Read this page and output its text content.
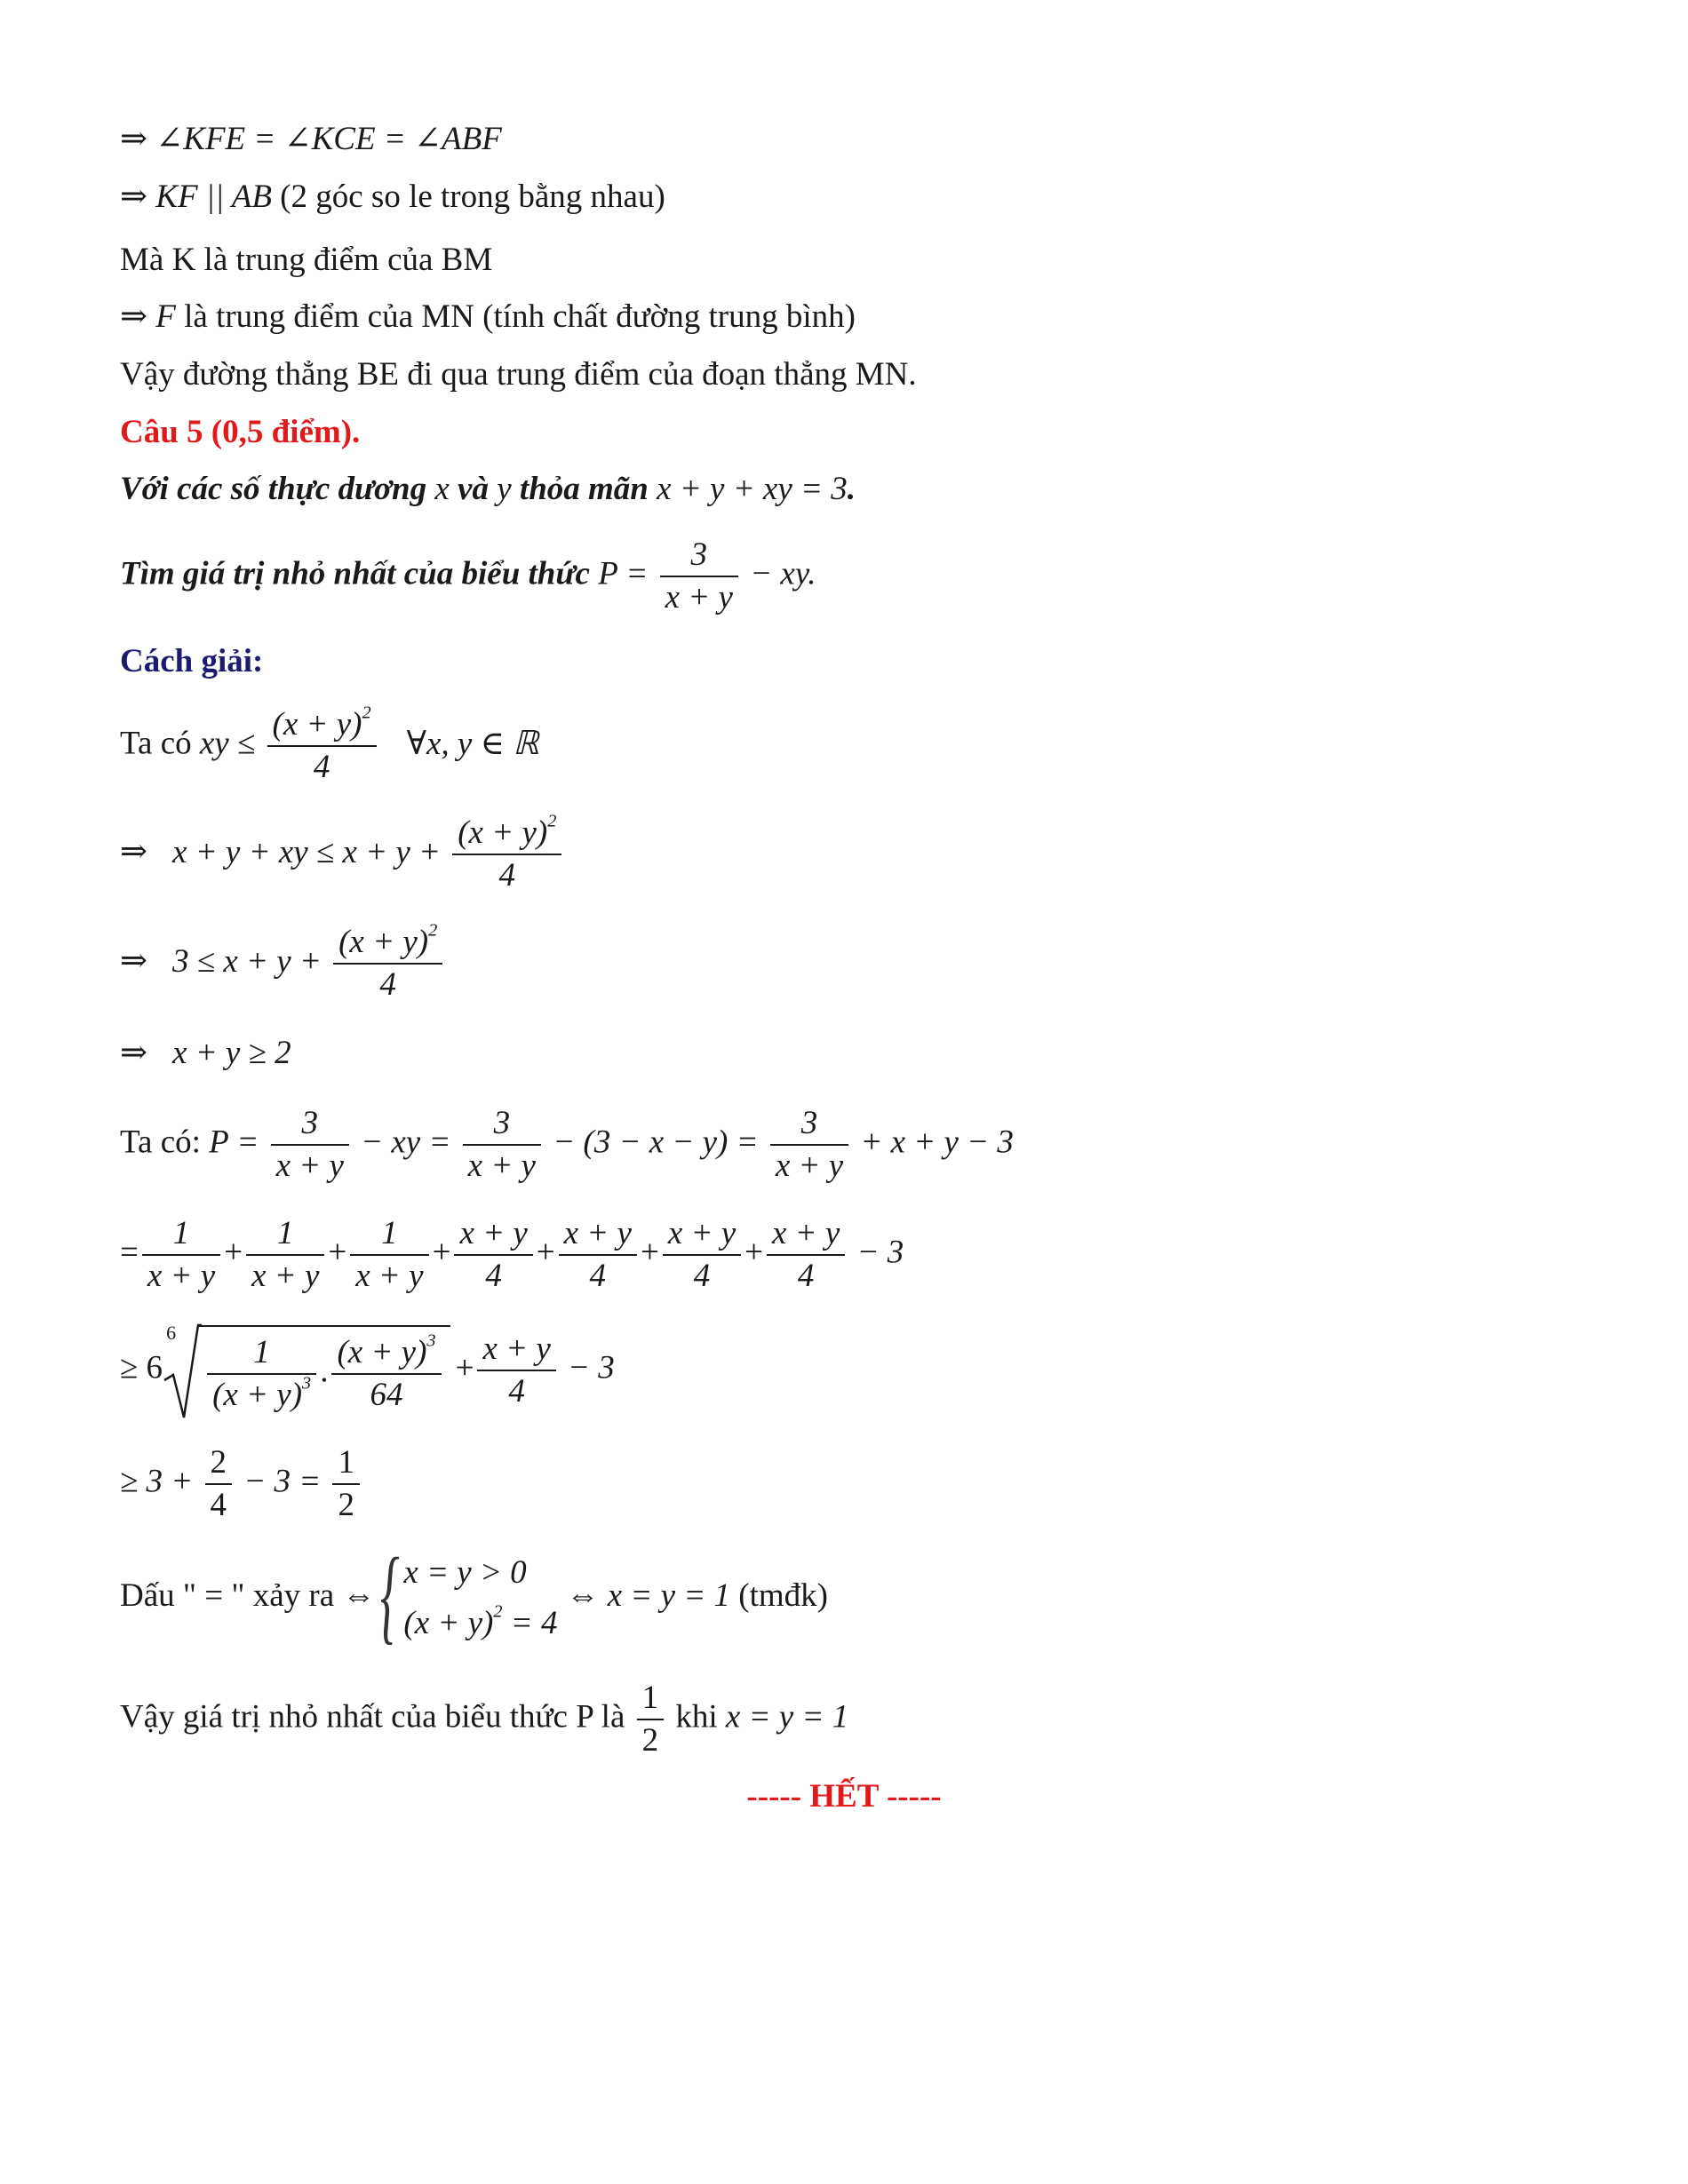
⇒ ∠KFE = ∠KCE = ∠ABF
⇒ KF || AB (2 góc so le trong bằng nhau)
Mà K là trung điểm của BM
⇒ F là trung điểm của MN (tính chất đường trung bình)
Vậy đường thẳng BE đi qua trung điểm của đoạn thẳng MN.
Câu 5 (0,5 điểm).
Với các số thực dương x và y thỏa mãn x + y + xy = 3.
Tìm giá trị nhỏ nhất của biểu thức $P = \frac{3}{x + y}$ − xy.
Cách giải:
Ta có xy ≤ $\frac{(x + y)^2}{4}$ ∀x, y ∈ ℝ
⇒ x + y + xy ≤ $x + y + \frac{(x + y)^2}{4}$
⇒ $3 \le x + y + \frac{(x + y)^2}{4}$
⇒ x + y ≥ 2
Ta có: $P = \frac{3}{x + y}$ − xy = $\frac{3}{x + y} - (3 - x - y) = \frac{3}{x + y} + x + y - 3$
= $\frac{1}{x + y} + \frac{1}{x + y} + \frac{1}{x + y} + \frac{x + y}{4} + \frac{x + y}{4} + \frac{x + y}{4} + \frac{x + y}{4} - 3$
≥ 6
$6 \frac{1}{(x + y)^3}$ . $\frac{(x + y)^3}{64} + \frac{x + y}{4} - 3$
≥ $3 + \frac{2}{4} - 3 = \frac{1}{2}$
Dấu " = " xảy ra ⇔ { x = y > 0
$(x + y)^2 = 4$
⇔ x = y = 1 (tmđk)
Vậy giá trị nhỏ nhất của biểu thức P là $\frac{1}{2}$ khi x = y = 1
----- HẾT -----
